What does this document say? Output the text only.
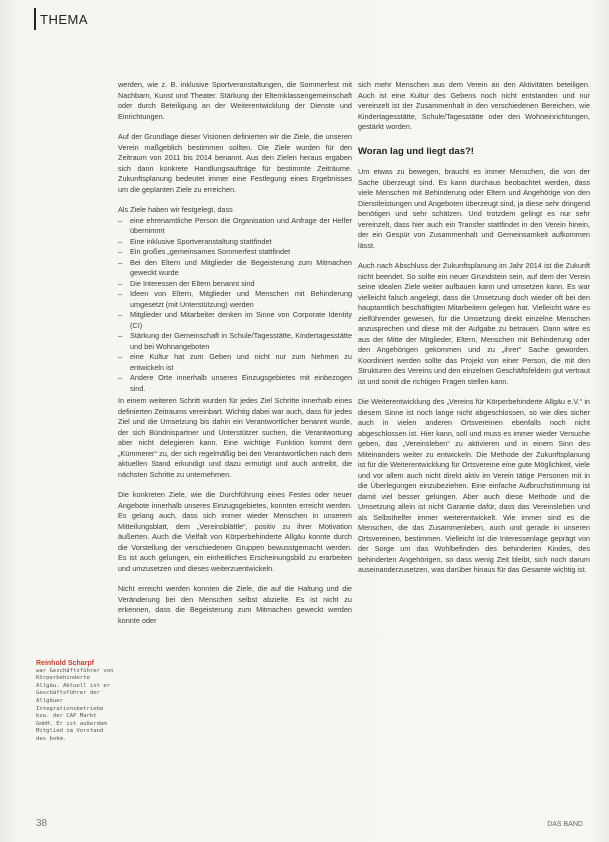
THEMA

werden, wie z. B. inklusive Sportveranstaltungen, die Sommerfest mit Nachbarn, Kunst und Theater. Stärkung der Elternklassengemeinschaft oder durch Beteiligung an der Weiterentwicklung der Dienste und Einrichtungen.

Auf der Grundlage dieser Visionen definierten wir die Ziele, die unseren Verein maßgeblich bestimmen sollten. Die Ziele wurden für den Zeitraum von 2011 bis 2014 benannt. Aus den Zielen heraus ergaben sich dann konkrete Handlungsaufträge für bestimmte Zeiträume. Zukunftsplanung bedeutet immer eine Festlegung eines Ergebnisses um die geplanten Ziele zu erreichen.

Als Ziele haben wir festgelegt, dass
– eine ehrenamtliche Person die Organisation und Anfrage der Helfer übernimmt
– Eine inklusive Sportveranstaltung stattfindet
– Ein großes „gemeinsames Sommerfest stattfindet
– Bei den Eltern und Mitglieder die Begeisterung zum Mitmachen geweckt wurde
– Die Interessen der Eltern benannt sind
– Ideen von Eltern, Mitglieder und Menschen mit Behinderung umgesetzt (mit Unterstützung) werden
– Mitglieder und Mitarbeiter denken im Sinne von Corporate Identity (CI)
– Stärkung der Gemeinschaft in Schule/Tagesstätte, Kindertagesstätte und bei Wohnangeboten
– eine Kultur hat zum Geben und nicht nur zum Nehmen zu entwickeln ist
– Andere Orte innerhalb unseres Einzugsgebietes mit einbezogen sind.

In einem weiteren Schritt wurden für jedes Ziel Schritte innerhalb eines definierten Zeitraums vereinbart. Wichtig dabei war auch, dass für jedes Ziel und die Umsetzung bis dahin ein Verantwortlicher benannt wurde, der sich Bündnispartner und Unterstützer suchen, die Verantwortung aber nicht delegieren kann. Eine wichtige Funktion kommt dem „Kümmerer“ zu, der sich regelmäßig bei den Verantwortlichen nach dem aktuellen Stand erkundigt und dazu ermutigt und auch antreibt, die nächsten Schritte zu unternehmen.

Die konkreten Ziele, wie die Durchführung eines Festes oder neuer Angebote innerhalb unseres Einzugsgebietes, konnten erreicht werden. Es gelang auch, dass sich immer wieder Menschen in unserem Mitteilungsblatt, dem „Vereinsblättle“, positiv zu ihrer Motivation äußerten. Auch die Vielfalt von Körperbehinderte Allgäu konnte durch die Vorstellung der verschiedenen Gruppen bewusstgemacht werden. Es ist auch gelungen, ein einheitliches Erscheinungsbild zu erarbeiten und umzusetzen und dieses weiterzuentwickeln.

Nicht erreicht werden konnten die Ziele, die auf die Haltung und die Veränderung bei den Menschen selbst abzielte. Es ist nicht zu erkennen, dass die Begeisterung zum Mitmachen geweckt werden konnte oder

sich mehr Menschen aus dem Verein an den Aktivitäten beteiligen. Auch ist eine Kultur des Gebens noch nicht entstanden und nur vereinzelt ist der Zusammenhalt in den verschiedenen Bereichen, wie Kindertagesstätte, Schule/Tagesstätte oder den Wohneinrichtungen, gestärkt worden.

Woran lag und liegt das?!

Um etwas zu bewegen, braucht es immer Menschen, die von der Sache überzeugt sind. Es kann durchaus beobachtet werden, dass viele Menschen mit Behinderung oder Eltern und Angehörige von den Dienstleistungen und Angeboten überzeugt sind, ja diese sehr dringend benötigen und sehr schätzen. Und trotzdem gelingt es nur sehr vereinzelt, dass hier auch ein Transfer stattfindet in den Verein hinein, der ein Gespür von Zusammenhalt und Gemeinsamkeit aufkommen lässt.

Auch nach Abschluss der Zukunftsplanung im Jahr 2014 ist die Zukunft nicht beendet. So sollte ein neuer Grundstein sein, auf dem der Verein seine idealen Ziele weiter aufbauen kann und umsetzen kann. Es war vielleicht falsch angelegt, dass die Umsetzung doch wieder oft bei den hauptamtlich beschäftigten Mitarbeitern gelegen hat. Vielleicht wäre es zielführender gewesen, für die Umsetzung direkt einzelne Menschen anzusprechen und diese mit der Aufgabe zu betrauen. Dann wäre es aus der Mitte der Mitglieder, Eltern, Menschen mit Behinderung oder den Angehörigen gekommen und zu „ihrer“ Sache geworden. Koordiniert werden sollte das Projekt von einer Person, die mit den Strukturen des Vereins und den einzelnen Geschäftsfeldern gut vertraut ist und somit die richtigen Fragen stellen kann.

Die Weiterentwicklung des „Vereins für Körperbehinderte Allgäu e.V.“ in diesem Sinne ist noch lange nicht abgeschlossen, so wie dies sicher auch in vielen anderen Ortsvereinen ebenfalls noch nicht abgeschlossen ist. Hier kann, soll und muss es immer wieder Versuche geben, das „Vereinsleben“ zu aktivieren und in einem Sinn des Miteinanders weiter zu entwickeln. Die Methode der Zukunftsplanung ist für die Weiterentwicklung für Ortsvereine eine gute Möglichkeit, viele und vor allem auch nicht direkt aktiv im Verein tätige Personen mit in die Überlegungen einzubeziehen. Eine einfache Aufbruchstimmung ist damit viel besser gelungen. Aber auch diese Methode und die Umsetzung allein ist nicht Garantie dafür, dass das Vereinsleben und als Selbsthelfer immer weiterentwickelt. Wie immer sind es die Menschen, die das Zusammenleben, auch und gerade in unseren Ortsvereinen, bestimmen. Vielleicht ist die Interessenlage geprägt von der Sorge um das Wohlbefinden des behinderten Kindes, des behinderten Angehörigen, so dass wenig Zeit bleibt, sich noch darum auseinanderzusetzen, was darüber hinaus für das Gesamte wichtig ist.

Reinhold Scharpf
war Geschäftsführer von Körperbehinderte Allgäu. Aktuell ist er Geschäftsführer der Allgäuer Integrationsbetriebe bzw. der CAP Markt GmbH. Er ist außerdem Mitglied im Vorstand des bvkm.
38	DAS BAND
